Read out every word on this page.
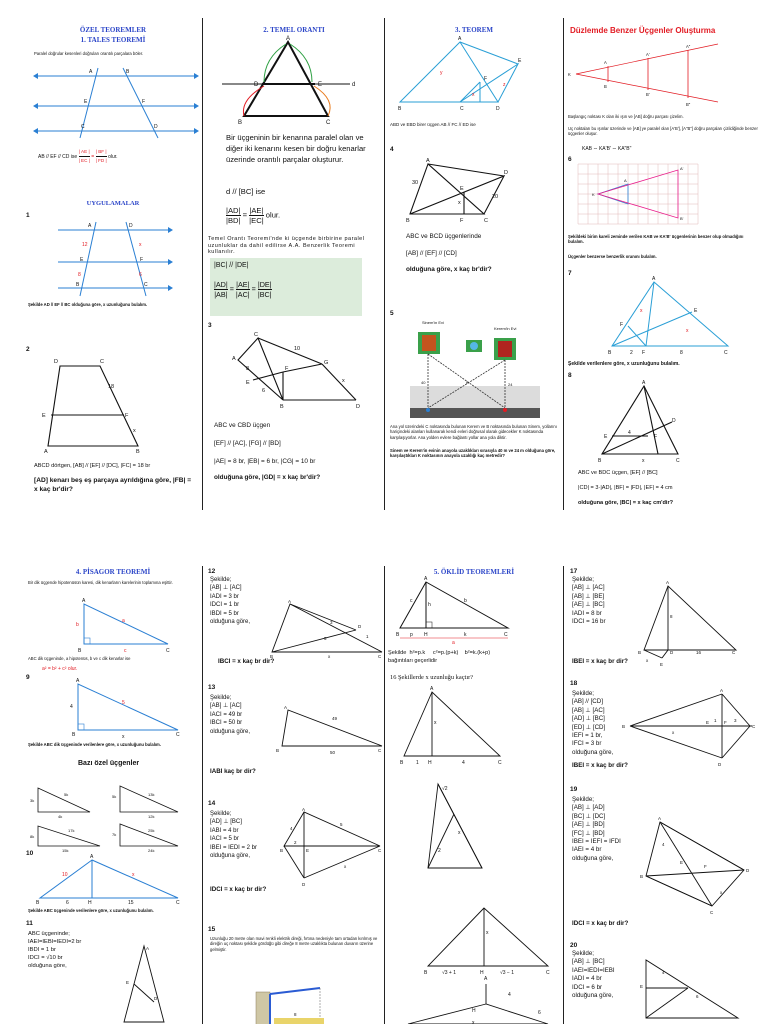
ÖZEL TEOREMLER
1. TALES TEOREMİ
Paralel doğrular kesenleri doğruları orantılı parçalara böler.
A	B
E	F
C	D
AB // EF // CD ise $\frac{| AE |}{| EC |} = \frac{| BF |}{| FD |}$ olur.
UYGULAMALAR
1
A	D
E	F
B	C
12	x
8	6
Şekilde AD // EF // BC olduğuna göre, x uzunluğunu bulalım.
2
D	C
E	F
A	B
18
x
ABCD dörtgen, [AB] // [EF] // [DC], |FC| = 18 br
[AD] kenarı beş eş parçaya ayrıldığına göre, |FB| = x kaç br'dir?
2. TEMEL ORANTI
A
D	E	d
B	C
Bir üçgeninin bir kenarına paralel olan ve diğer iki kenarını kesen bir doğru kenarlar üzerinde orantılı parçalar oluşturur.
d // [BC] ise
$\frac{|AD|}{|BD|} = \frac{|AE|}{|EC|}$ olur.
Temel Orantı Teoremi'nde ki üçgende birbirine paralel uzunluklar da dahil edilirse A.A. Benzerlik Teoremi kullanılır.
|BC| // |DE|
$\frac{|AD|}{|AB|} = \frac{|AE|}{|AC|} = \frac{|DE|}{|BC|}$
3
A
C
E
F
G
B	D
8
6
10
x
ABC ve CBD üçgen
[EF] // [AC], [FG] // [BD]
|AE| = 8 br, |EB| = 6 br, |CG| = 10 br
olduğuna göre, |GD| = x kaç br'dir?
3. TEOREM
A
E
F
B	C	D
y
x
z
ABD ve EBD birer üçgen AB // FC // ED ise
4
A
D
E
F
B	C
30
20
x
ABC ve BCD üçgenlerinde
[AB] // [EF] // [CD]
olduğuna göre, x kaç br'dir?
5
Sinem'in Evi
Kerem'in Evi
40	24
K
Ana yol üzerindeki C noktasında bulunan Kerem ve B noktasında bulunan Sinem, yollarını hariçindeki alanları kullanarak kendi evleri doğrusal olarak gidecekler K noktasında karşılaşıyorlar. Ana yolden evlere bağlantı yollar ana yola diktir.
Sinem ve Kerem'in evinin anayola uzaklıkları sırasıyla 40 m ve 24 m olduğuna göre, karşılaştıkları K noktasının anayola uzaklığı kaç metredir?
Düzlemde Benzer Üçgenler Oluşturma
K
A
B
A'
B'
A"
B"
Başlangıç noktası K olan iki ışın ve [AB] doğru parçası çizelim.
Uç noktaları bu ışınlar üzerinde ve [AB] ye paralel olan [A'B'], [A"B"] doğru parçaları çizildiğinde benzer üçgenler oluşur.
KAB ∼ KA'B' ∼ KA"B"
6
K
A
A'
B'
Şekildeki birim kareli zeminde verilen KAB ve KA'B' üçgenlerinin benzer olup olmadığını bulalım.
Üçgenler benzerse benzerlik oranını bulalım.
7
A
E
F
B	2 F	8	C
x
x
Şekilde verilenlere göre, x uzunluğunu bulalım.
8
A
E
D
F
B	C
4
x
ABC ve BDC üçgen, [EF] // [BC]
|CD| = 3·|AD|, |BF| = |FD|, |EF| = 4 cm
olduğuna göre, |BC| = x kaç cm'dir?
4. PİSAGOR TEOREMİ
Bir dik üçgende hipotenüsün karesi, dik kenarların karelerinin toplamına eşittir.
A
B	C
b
a
c
ABC dik üçgeninde, a hipotenüs, b ve c dik kenarlar ise
a² = b² + c² olur.
9	A
B	C
4
x
5
Şekilde ABC dik üçgeninde verilenlere göre, x uzunluğunu bulalım.
Bazı özel üçgenler
3k
5k
4k
5k	13k
12k
8k
17k
15k
7k
25k
24k
10	A
B	H	C
6	15
10	x
Şekilde ABC üçgeninde verilenlere göre, x uzunluğunu bulalım.
11
ABC üçgeninde;
IAEI=IEBI=IEDI=2 br
IBDI = 1 br
IDCI = √10 br
olduğuna göre,
A
E
D
12
Şekilde;
[AB] ⊥ [AC]
IADI = 3 br
IDCI = 1 br
IBDI = 5 br
olduğuna göre,
A
B	C
D
3
5	1
x
IBCI = x kaç br dir?
13
Şekilde;
[AB] ⊥ [AC]
IACI = 49 br
IBCI = 50 br
olduğuna göre,
A
B	C
49
50
IABI kaç br dir?
14
Şekilde;
[AD] ⊥ [BC]
IABI = 4 br
IACI = 5 br
IBEI = IEDI = 2 br
olduğuna göre,
A
B	C
E
D
4
5
2
x
IDCI = x kaç br dir?
15
Uzunluğu 20 metre olan mavi renkli elektrik direği, fırtına nedeniyle tam ortadan kırılmış ve direğin uç noktası şekilde gördüğü gibi direğe 8 metre uzaklıkta bulunan duvarın üzerine gelmiştir.
8
5. ÖKLİD TEOREMLERİ
A
B p H	k	C
h
c	b
a
Şekilde  h²=p.k     c²=p.(p+k)    b²=k.(k+p)
bağıntıları geçerlidir
16 Şekillerde x uzunluğu kaçtır?
A
B	1 H	4	C
x
√2
x
2
x
B	√3 + 1	H	√3 − 1	C
A
4
H	6
x
17
Şekilde;
[AB] ⊥ [AC]
[AB] ⊥ [BE]
[AE] ⊥ [BC]
IADI = 8 br
IDCI = 16 br
A
B	D	C
16
E
x
8
IBEI = x kaç br dir?
18
Şekilde;
[AB] // [CD]
[AB] ⊥ [AC]
[AD] ⊥ [BC]
[ED] ⊥ [CD]
IEFI = 1 br,
IFCI = 3 br
olduğuna göre,
B
A
C
D
E	F
1	3
x
IBEI = x kaç br dir?
19
Şekilde;
[AB] ⊥ [AD]
[BC] ⊥ [DC]
[AE] ⊥ [BD]
[FC] ⊥ [BD]
IBEI = IEFI = IFDI
IAEI = 4 br
olduğuna göre,
A
B
D
C
E
F
4
x
IDCI = x kaç br dir?
20
Şekilde;
[AB] ⊥ [BC]
IAEI=IEDI=IEBI
IADI = 4 br
IDCI = 6 br
olduğuna göre,
E
4
6
